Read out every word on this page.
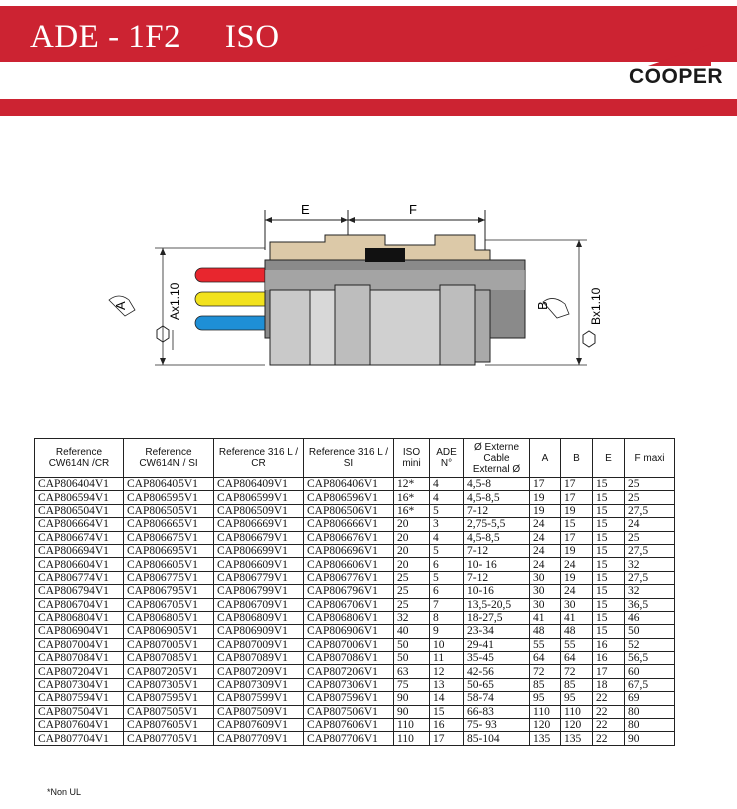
ADE - 1F2     ISO
COOPER
E	F
Ax1.10
A	Bx1.10
B
Reference CW614N /CR	Reference CW614N / SI	Reference 316 L / CR	Reference 316 L / SI	ISO mini	ADE N°	Ø Externe Cable External Ø	A	B	E	F maxi
CAP806404V1	CAP806405V1	CAP806409V1	CAP806406V1	12*	4	4,5-8	17	17	15	25
CAP806594V1	CAP806595V1	CAP806599V1	CAP806596V1	16*	4	4,5-8,5	19	17	15	25
CAP806504V1	CAP806505V1	CAP806509V1	CAP806506V1	16*	5	7-12	19	19	15	27,5
CAP806664V1	CAP806665V1	CAP806669V1	CAP806666V1	20	3	2,75-5,5	24	15	15	24
CAP806674V1	CAP806675V1	CAP806679V1	CAP806676V1	20	4	4,5-8,5	24	17	15	25
CAP806694V1	CAP806695V1	CAP806699V1	CAP806696V1	20	5	7-12	24	19	15	27,5
CAP806604V1	CAP806605V1	CAP806609V1	CAP806606V1	20	6	10- 16	24	24	15	32
CAP806774V1	CAP806775V1	CAP806779V1	CAP806776V1	25	5	7-12	30	19	15	27,5
CAP806794V1	CAP806795V1	CAP806799V1	CAP806796V1	25	6	10-16	30	24	15	32
CAP806704V1	CAP806705V1	CAP806709V1	CAP806706V1	25	7	13,5-20,5	30	30	15	36,5
CAP806804V1	CAP806805V1	CAP806809V1	CAP806806V1	32	8	18-27,5	41	41	15	46
CAP806904V1	CAP806905V1	CAP806909V1	CAP806906V1	40	9	23-34	48	48	15	50
CAP807004V1	CAP807005V1	CAP807009V1	CAP807006V1	50	10	29-41	55	55	16	52
CAP807084V1	CAP807085V1	CAP807089V1	CAP807086V1	50	11	35-45	64	64	16	56,5
CAP807204V1	CAP807205V1	CAP807209V1	CAP807206V1	63	12	42-56	72	72	17	60
CAP807304V1	CAP807305V1	CAP807309V1	CAP807306V1	75	13	50-65	85	85	18	67,5
CAP807594V1	CAP807595V1	CAP807599V1	CAP807596V1	90	14	58-74	95	95	22	69
CAP807504V1	CAP807505V1	CAP807509V1	CAP807506V1	90	15	66-83	110	110	22	80
CAP807604V1	CAP807605V1	CAP807609V1	CAP807606V1	110	16	75- 93	120	120	22	80
CAP807704V1	CAP807705V1	CAP807709V1	CAP807706V1	110	17	85-104	135	135	22	90
*Non UL
